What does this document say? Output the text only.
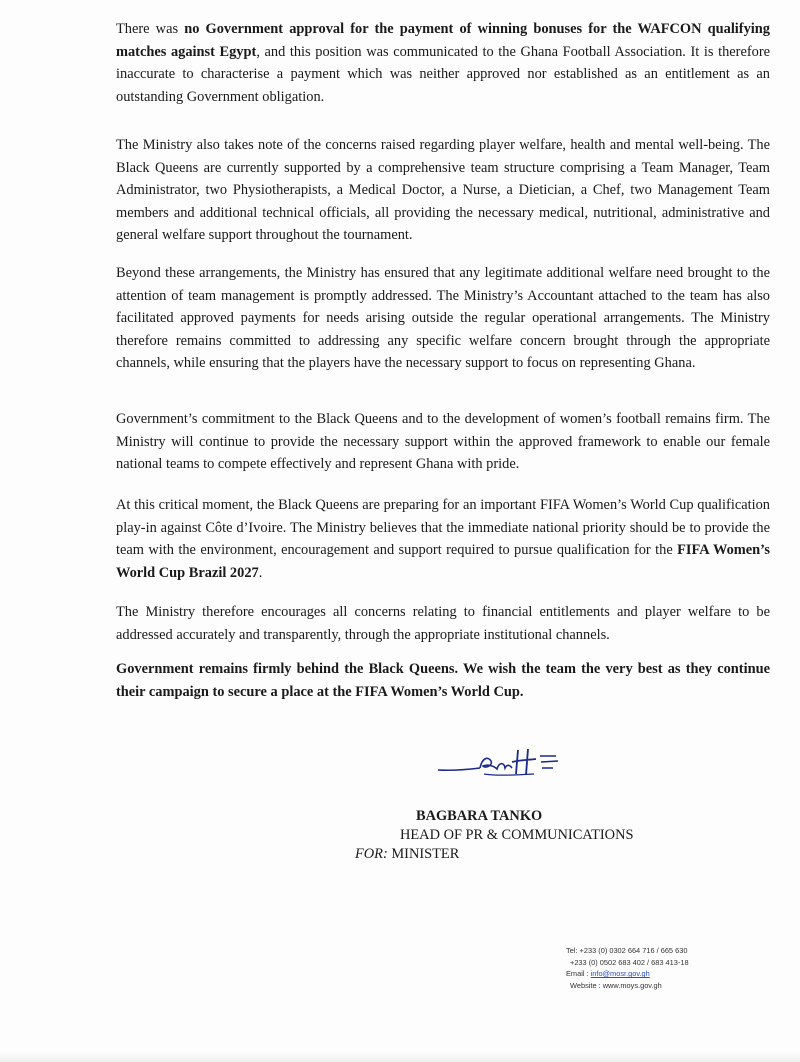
There was no Government approval for the payment of winning bonuses for the WAFCON qualifying matches against Egypt, and this position was communicated to the Ghana Football Association. It is therefore inaccurate to characterise a payment which was neither approved nor established as an entitlement as an outstanding Government obligation.

The Ministry also takes note of the concerns raised regarding player welfare, health and mental well-being. The Black Queens are currently supported by a comprehensive team structure comprising a Team Manager, Team Administrator, two Physiotherapists, a Medical Doctor, a Nurse, a Dietician, a Chef, two Management Team members and additional technical officials, all providing the necessary medical, nutritional, administrative and general welfare support throughout the tournament.

Beyond these arrangements, the Ministry has ensured that any legitimate additional welfare need brought to the attention of team management is promptly addressed. The Ministry’s Accountant attached to the team has also facilitated approved payments for needs arising outside the regular operational arrangements. The Ministry therefore remains committed to addressing any specific welfare concern brought through the appropriate channels, while ensuring that the players have the necessary support to focus on representing Ghana.

Government’s commitment to the Black Queens and to the development of women’s football remains firm. The Ministry will continue to provide the necessary support within the approved framework to enable our female national teams to compete effectively and represent Ghana with pride.

At this critical moment, the Black Queens are preparing for an important FIFA Women’s World Cup qualification play-in against Côte d’Ivoire. The Ministry believes that the immediate national priority should be to provide the team with the environment, encouragement and support required to pursue qualification for the FIFA Women’s World Cup Brazil 2027.

The Ministry therefore encourages all concerns relating to financial entitlements and player welfare to be addressed accurately and transparently, through the appropriate institutional channels.

Government remains firmly behind the Black Queens. We wish the team the very best as they continue their campaign to secure a place at the FIFA Women’s World Cup.

BAGBARA TANKO
HEAD OF PR & COMMUNICATIONS
FOR: MINISTER
Tel: +233 (0) 0302 664 716 / 665 630
+233 (0) 0502 683 402 / 683 413-18
Email : info@mosr.gov.gh
Website : www.moys.gov.gh
